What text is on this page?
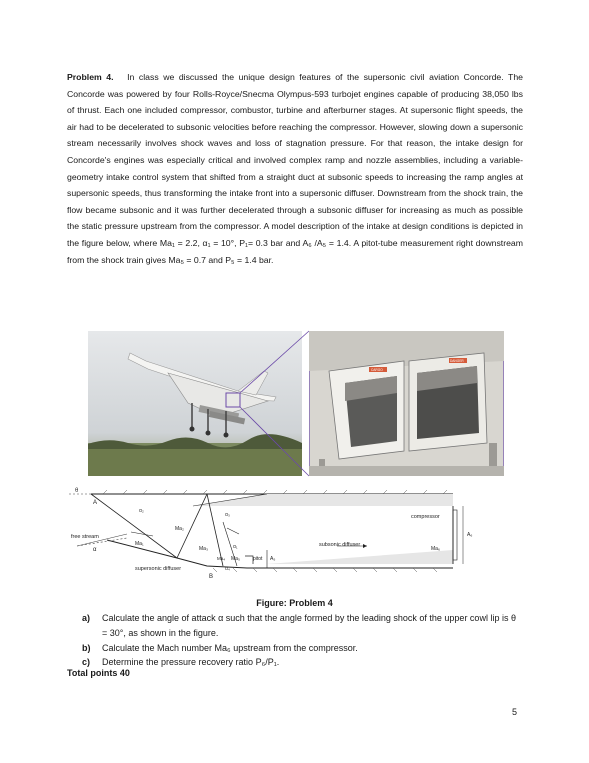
Problem 4. In class we discussed the unique design features of the supersonic civil aviation Concorde. The Concorde was powered by four Rolls-Royce/Snecma Olympus-593 turbojet engines capable of producing 38,050 lbs of thrust. Each one included compressor, combustor, turbine and afterburner stages. At supersonic flight speeds, the air had to be decelerated to subsonic velocities before reaching the compressor. However, slowing down a supersonic stream necessarily involves shock waves and loss of stagnation pressure. For that reason, the intake design for Concorde's engines was especially critical and involved complex ramp and nozzle assemblies, including a variable-geometry intake control system that shifted from a straight duct at subsonic speeds to increasing the ramp angles at supersonic speeds, thus transforming the intake front into a supersonic diffuser. Downstream from the shock train, the flow became subsonic and it was further decelerated through a subsonic diffuser for increasing as much as possible the static pressure upstream from the compressor. A model description of the intake at design conditions is depicted in the figure below, where Ma₁ = 2.2, α₁ = 10°, P₁= 0.3 bar and A₆ /A₅ = 1.4. A pitot-tube measurement right downstream from the shock train gives Ma₅ = 0.7 and P₅ = 1.4 bar.

CARGO
DANGER
θ
A
α₂
free stream
α
Ma₁
Ma₂
Ma₃
Ma₄ Ma₅
α₃
α₄
α₁
supersonic diffuser
B
pitot A₅
subsonic diffuser
compressor
Ma₆
A₆
Figure: Problem 4
a)	Calculate the angle of attack α such that the angle formed by the leading shock of the upper cowl lip is θ = 30°, as shown in the figure.
b)	Calculate the Mach number Ma₆ upstream from the compressor.
c)	Determine the pressure recovery ratio P₆/P₁.
Total points 40
5
